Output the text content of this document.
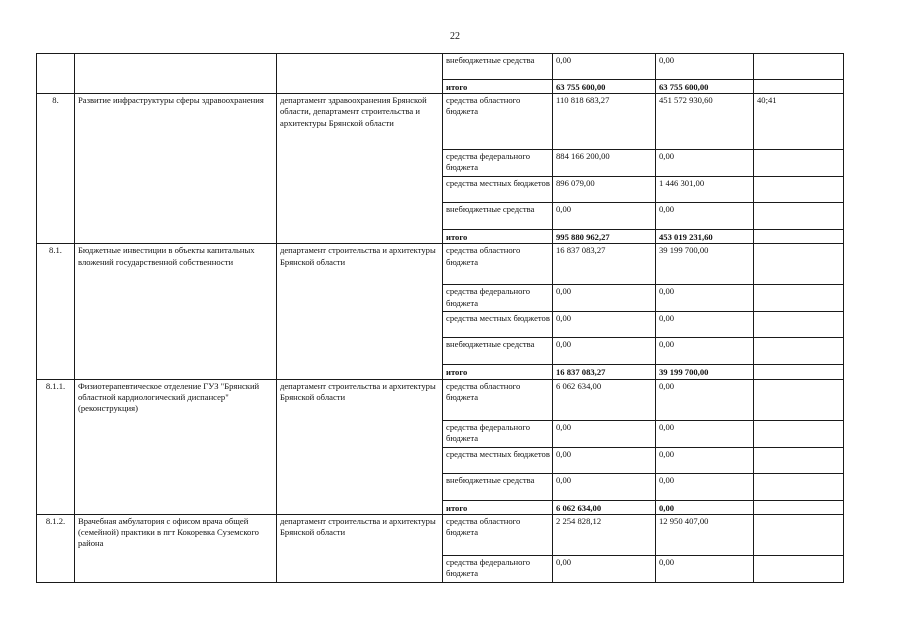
22
			внебюджетные средства	0,00	0,00	
			итого	63 755 600,00	63 755 600,00	
8.	Развитие инфраструктуры сферы здравоохранения	департамент здравоохранения Брянской области, департамент строительства и архитектуры Брянской области	средства областного бюджета	110 818 683,27	451 572 930,60	40;41
			средства федерального бюджета	884 166 200,00	0,00	
			средства местных бюджетов	896 079,00	1 446 301,00	
			внебюджетные средства	0,00	0,00	
			итого	995 880 962,27	453 019 231,60	
8.1.	Бюджетные инвестиции в объекты капитальных вложений государственной собственности	департамент строительства и архитектуры Брянской области	средства областного бюджета	16 837 083,27	39 199 700,00	
			средства федерального бюджета	0,00	0,00	
			средства местных бюджетов	0,00	0,00	
			внебюджетные средства	0,00	0,00	
			итого	16 837 083,27	39 199 700,00	
8.1.1.	Физиотерапевтическое отделение ГУЗ "Брянский областной кардиологический диспансер" (реконструкция)	департамент строительства и архитектуры Брянской области	средства областного бюджета	6 062 634,00	0,00	
			средства федерального бюджета	0,00	0,00	
			средства местных бюджетов	0,00	0,00	
			внебюджетные средства	0,00	0,00	
			итого	6 062 634,00	0,00	
8.1.2.	Врачебная амбулатория с офисом врача общей (семейной) практики в пгт Кокоревка Суземского района	департамент строительства и архитектуры Брянской области	средства областного бюджета	2 254 828,12	12 950 407,00	
			средства федерального бюджета	0,00	0,00	
